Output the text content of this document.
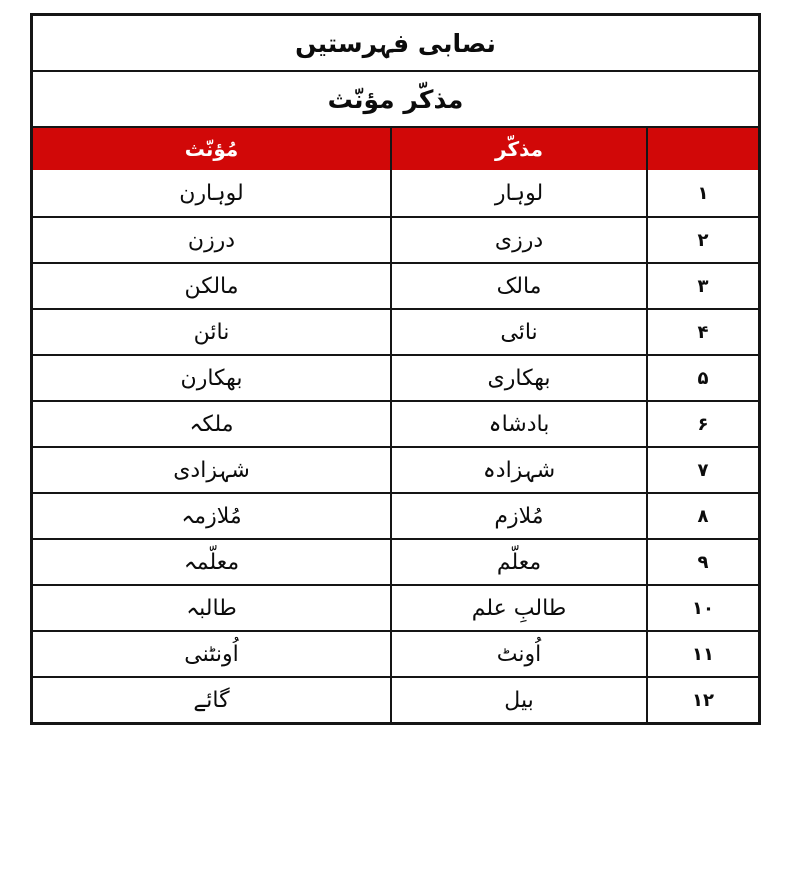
نصابی فہرستیں
مذکّر مؤنّث
مذکّر
مُؤنّث
۱
لوہار
لوہارن
۲
درزی
درزن
۳
مالک
مالکن
۴
نائی
نائن
۵
بھکاری
بھکارن
۶
بادشاہ
ملکہ
۷
شہزادہ
شہزادی
۸
مُلازم
مُلازمہ
۹
معلّم
معلّمہ
۱۰
طالبِ علم
طالبہ
۱۱
اُونٹ
اُونٹنی
۱۲
بیل
گائے
